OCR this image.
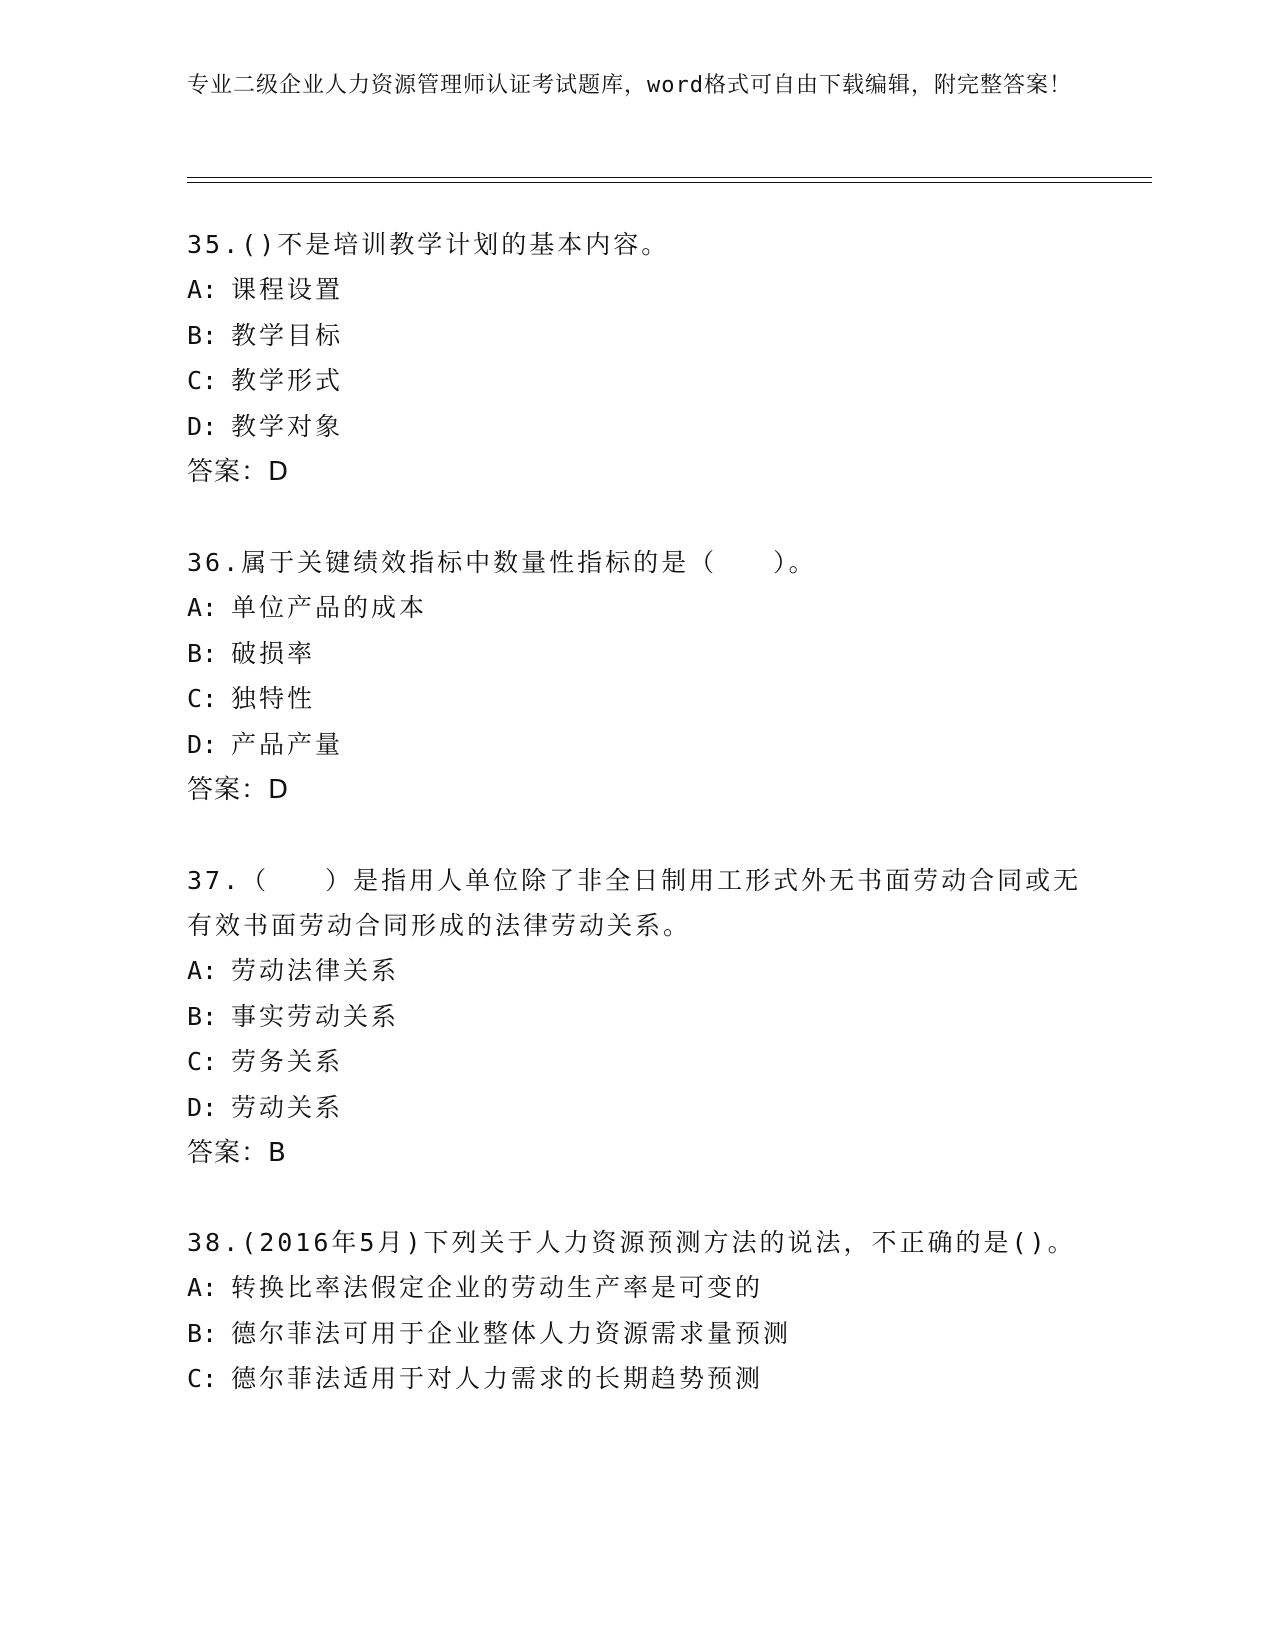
专业二级企业人力资源管理师认证考试题库，word格式可自由下载编辑，附完整答案！
35.()不是培训教学计划的基本内容。
A: 课程设置
B: 教学目标
C: 教学形式
D: 教学对象
答案：D
36.属于关键绩效指标中数量性指标的是（　　）。
A: 单位产品的成本
B: 破损率
C: 独特性
D: 产品产量
答案：D
37.（　　）是指用人单位除了非全日制用工形式外无书面劳动合同或无有效书面劳动合同形成的法律劳动关系。
A: 劳动法律关系
B: 事实劳动关系
C: 劳务关系
D: 劳动关系
答案：B
38.(2016年5月)下列关于人力资源预测方法的说法，不正确的是()。
A: 转换比率法假定企业的劳动生产率是可变的
B: 德尔菲法可用于企业整体人力资源需求量预测
C: 德尔菲法适用于对人力需求的长期趋势预测
